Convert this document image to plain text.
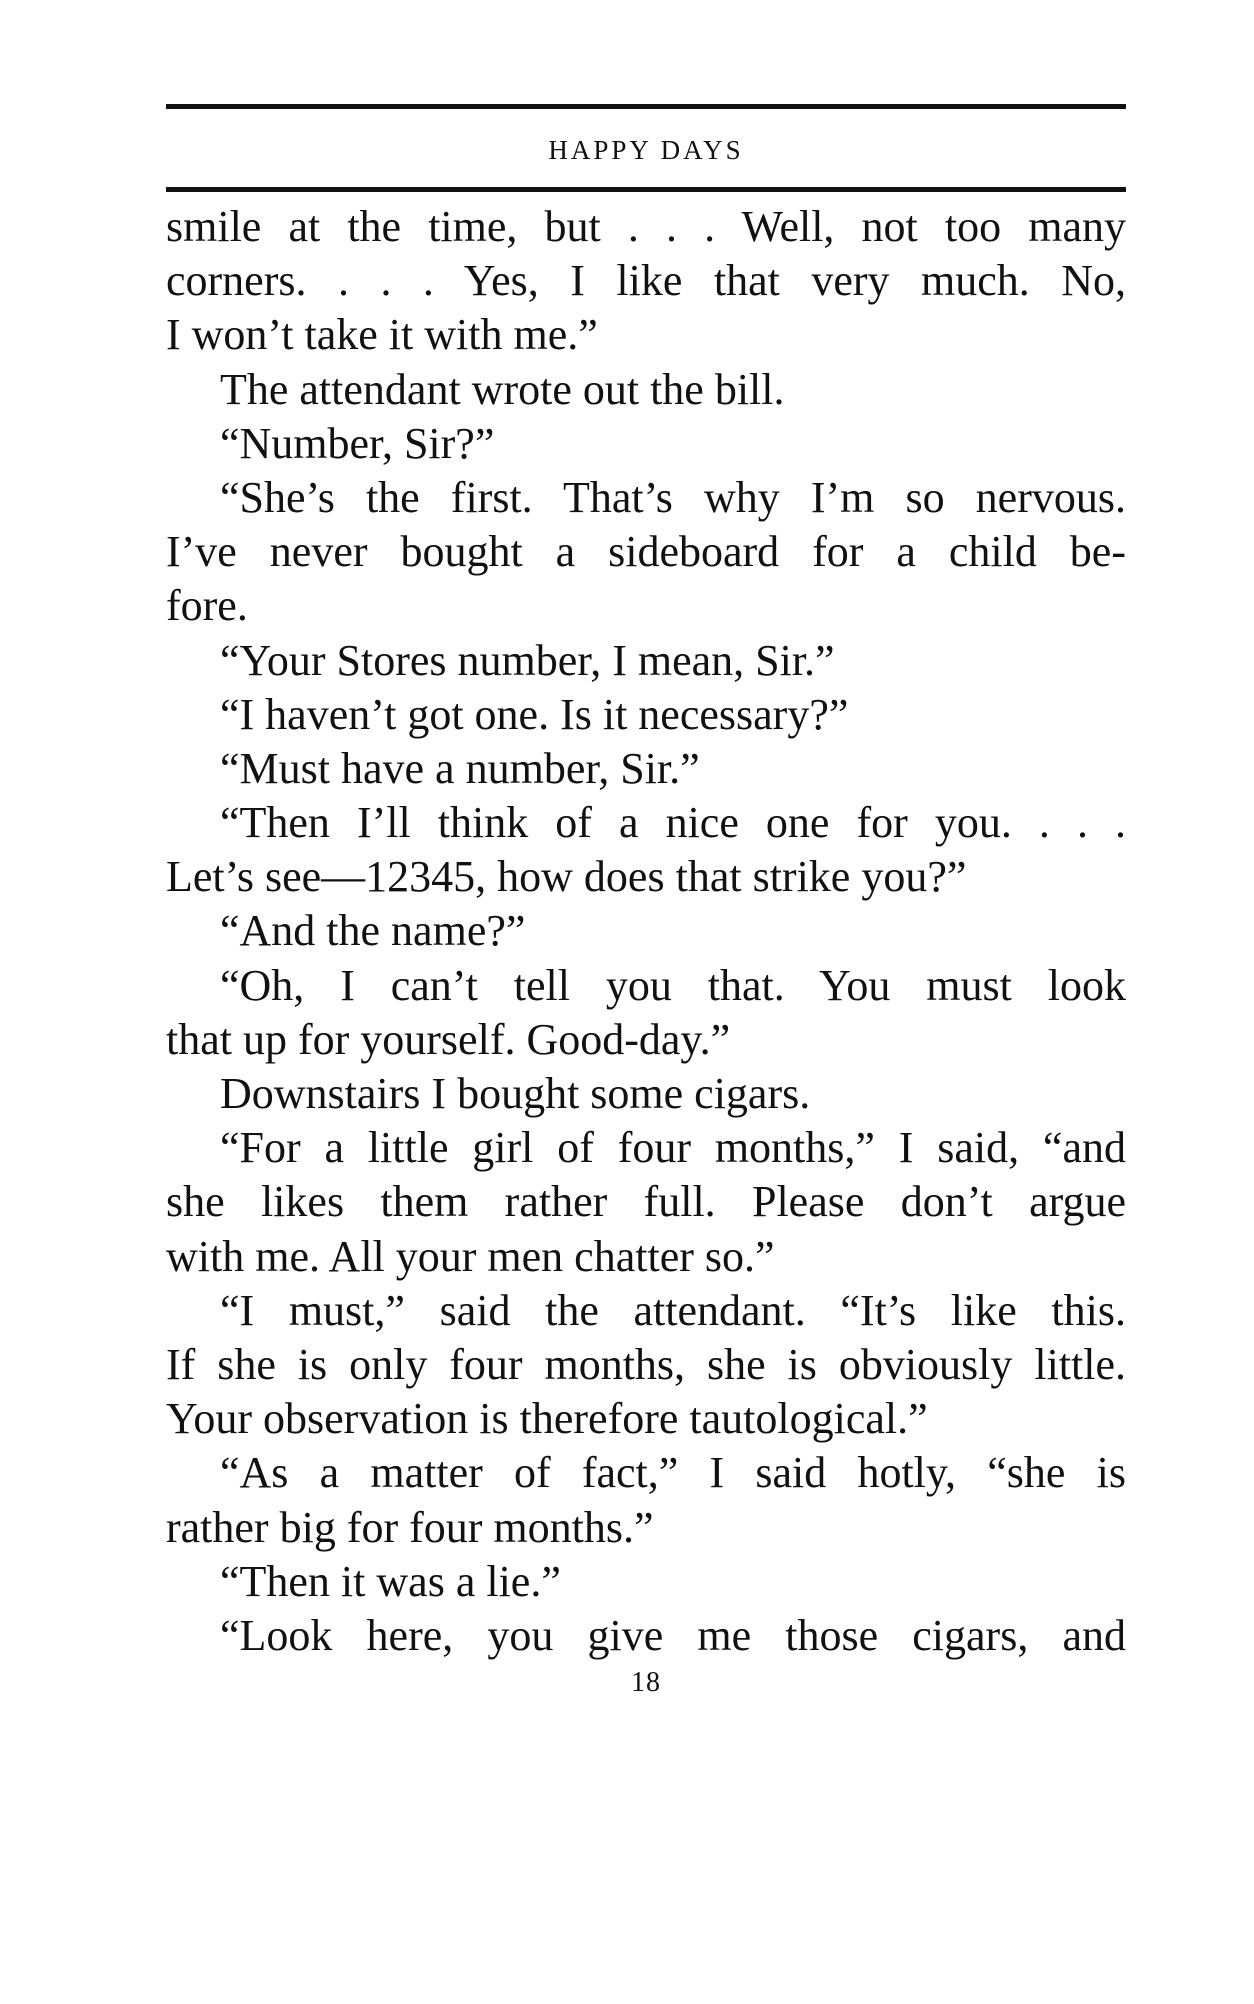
HAPPY DAYS
smile at the time, but . . . Well, not too many
corners. . . . Yes, I like that very much. No,
I won’t take it with me.”
The attendant wrote out the bill.
“Number, Sir?”
“She’s the first. That’s why I’m so nervous.
I’ve never bought a sideboard for a child be-
fore.
“Your Stores number, I mean, Sir.”
“I haven’t got one. Is it necessary?”
“Must have a number, Sir.”
“Then I’ll think of a nice one for you. . . .
Let’s see—12345, how does that strike you?”
“And the name?”
“Oh, I can’t tell you that. You must look
that up for yourself. Good-day.”
Downstairs I bought some cigars.
“For a little girl of four months,” I said, “and
she likes them rather full. Please don’t argue
with me. All your men chatter so.”
“I must,” said the attendant. “It’s like this.
If she is only four months, she is obviously little.
Your observation is therefore tautological.”
“As a matter of fact,” I said hotly, “she is
rather big for four months.”
“Then it was a lie.”
“Look here, you give me those cigars, and
18
